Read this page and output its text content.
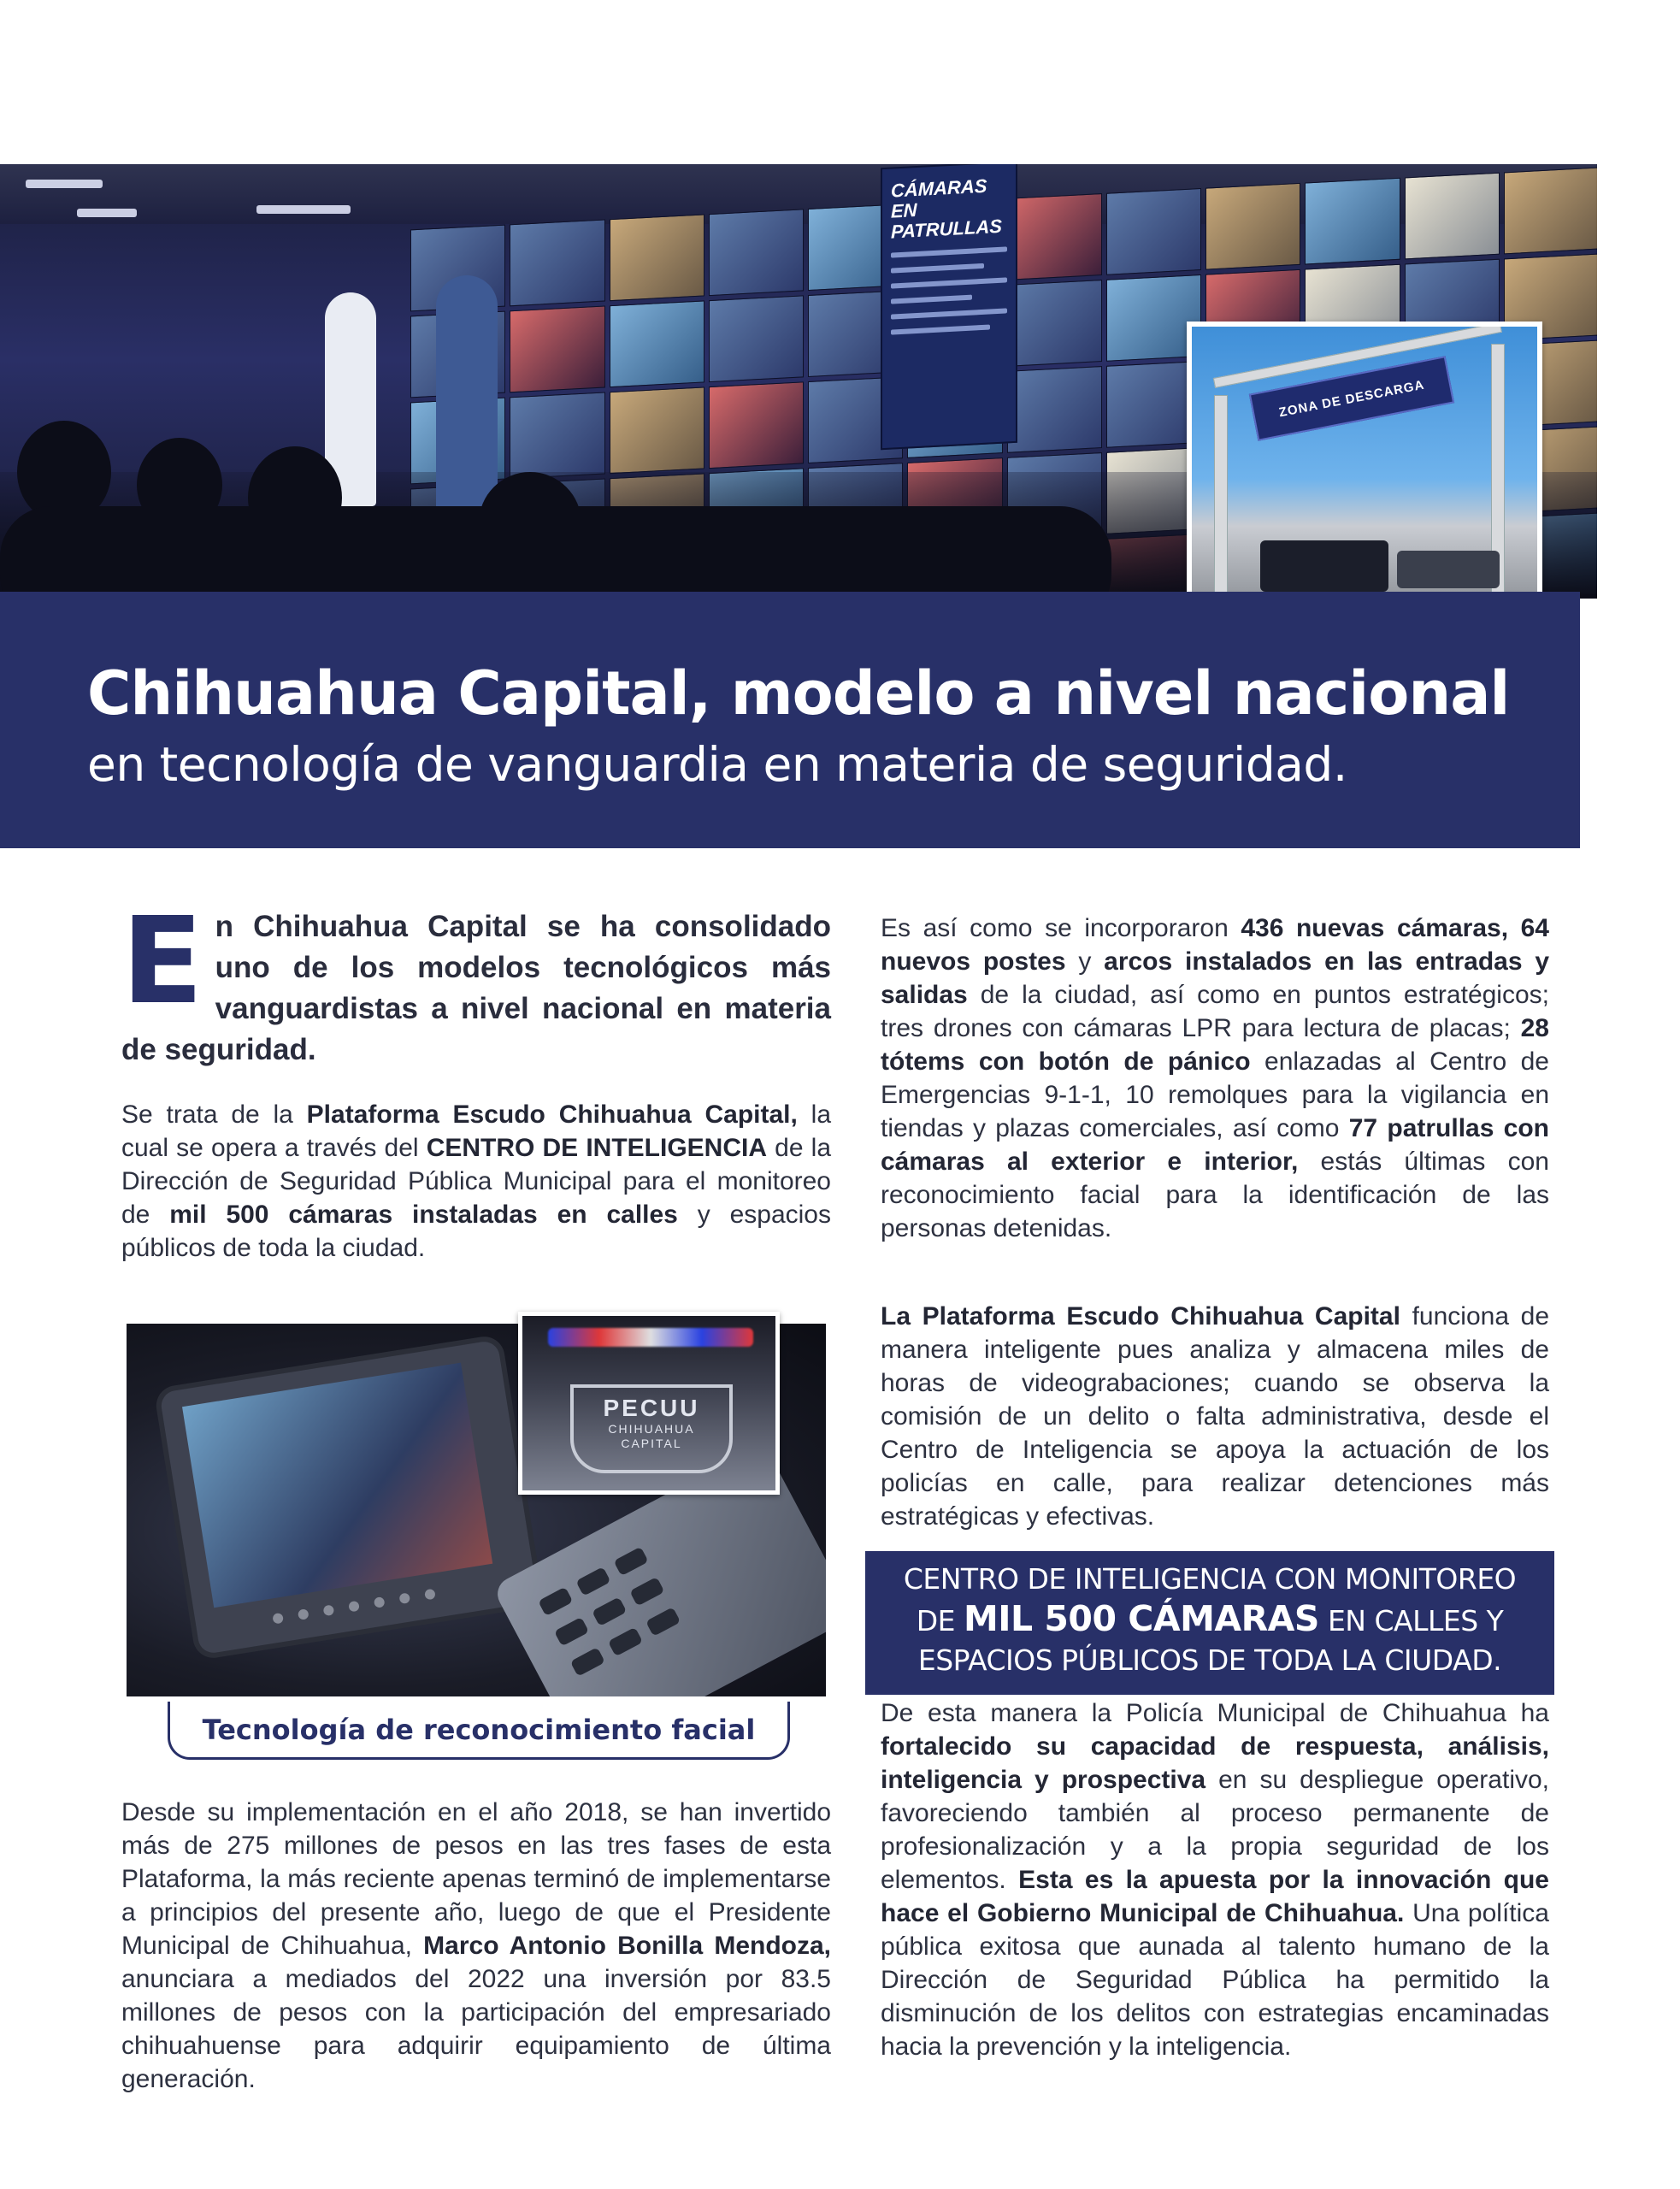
CÁMARAS EN PATRULLAS
ZONA DE DESCARGA
Chihuahua Capital, modelo a nivel nacional
en tecnología de vanguardia en materia de seguridad.
En Chihuahua Capital se ha consolidado uno de los modelos tecnológicos más vanguardistas a nivel nacional en materia de seguridad.
Se trata de la Plataforma Escudo Chihuahua Capital, la cual se opera a través del CENTRO DE INTELIGENCIA de la Dirección de Seguridad Pública Municipal para el monitoreo de mil 500 cámaras instaladas en calles y espacios públicos de toda la ciudad.
PECUU
CHIHUAHUA
CAPITAL
Tecnología de reconocimiento facial
Desde su implementación en el año 2018, se han invertido más de 275 millones de pesos en las tres fases de esta Plataforma, la más reciente apenas terminó de implementarse a principios del presente año, luego de que el Presidente Municipal de Chihuahua, Marco Antonio Bonilla Mendoza, anunciara a mediados del 2022 una inversión por 83.5 millones de pesos con la participación del empresariado chihuahuense para adquirir equipamiento de última generación.
Es así como se incorporaron 436 nuevas cámaras, 64 nuevos postes y arcos instalados en las entradas y salidas de la ciudad, así como en puntos estratégicos; tres drones con cámaras LPR para lectura de placas; 28 tótems con botón de pánico enlazadas al Centro de Emergencias 9-1-1, 10 remolques para la vigilancia en tiendas y plazas comerciales, así como 77 patrullas con cámaras al exterior e interior, estás últimas con reconocimiento facial para la identificación de las personas detenidas.
La Plataforma Escudo Chihuahua Capital funciona de manera inteligente pues analiza y almacena miles de horas de videograbaciones; cuando se observa la comisión de un delito o falta administrativa, desde el Centro de Inteligencia se apoya la actuación de los policías en calle, para realizar detenciones más estratégicas y efectivas.
CENTRO DE INTELIGENCIA CON MONITOREO
DE MIL 500 CÁMARAS EN CALLES Y
ESPACIOS PÚBLICOS DE TODA LA CIUDAD.
De esta manera la Policía Municipal de Chihuahua ha fortalecido su capacidad de respuesta, análisis, inteligencia y prospectiva en su despliegue operativo, favoreciendo también al proceso permanente de profesionalización y a la propia seguridad de los elementos. Esta es la apuesta por la innovación que hace el Gobierno Municipal de Chihuahua. Una política pública exitosa que aunada al talento humano de la Dirección de Seguridad Pública ha permitido la disminución de los delitos con estrategias encaminadas hacia la prevención y la inteligencia.
